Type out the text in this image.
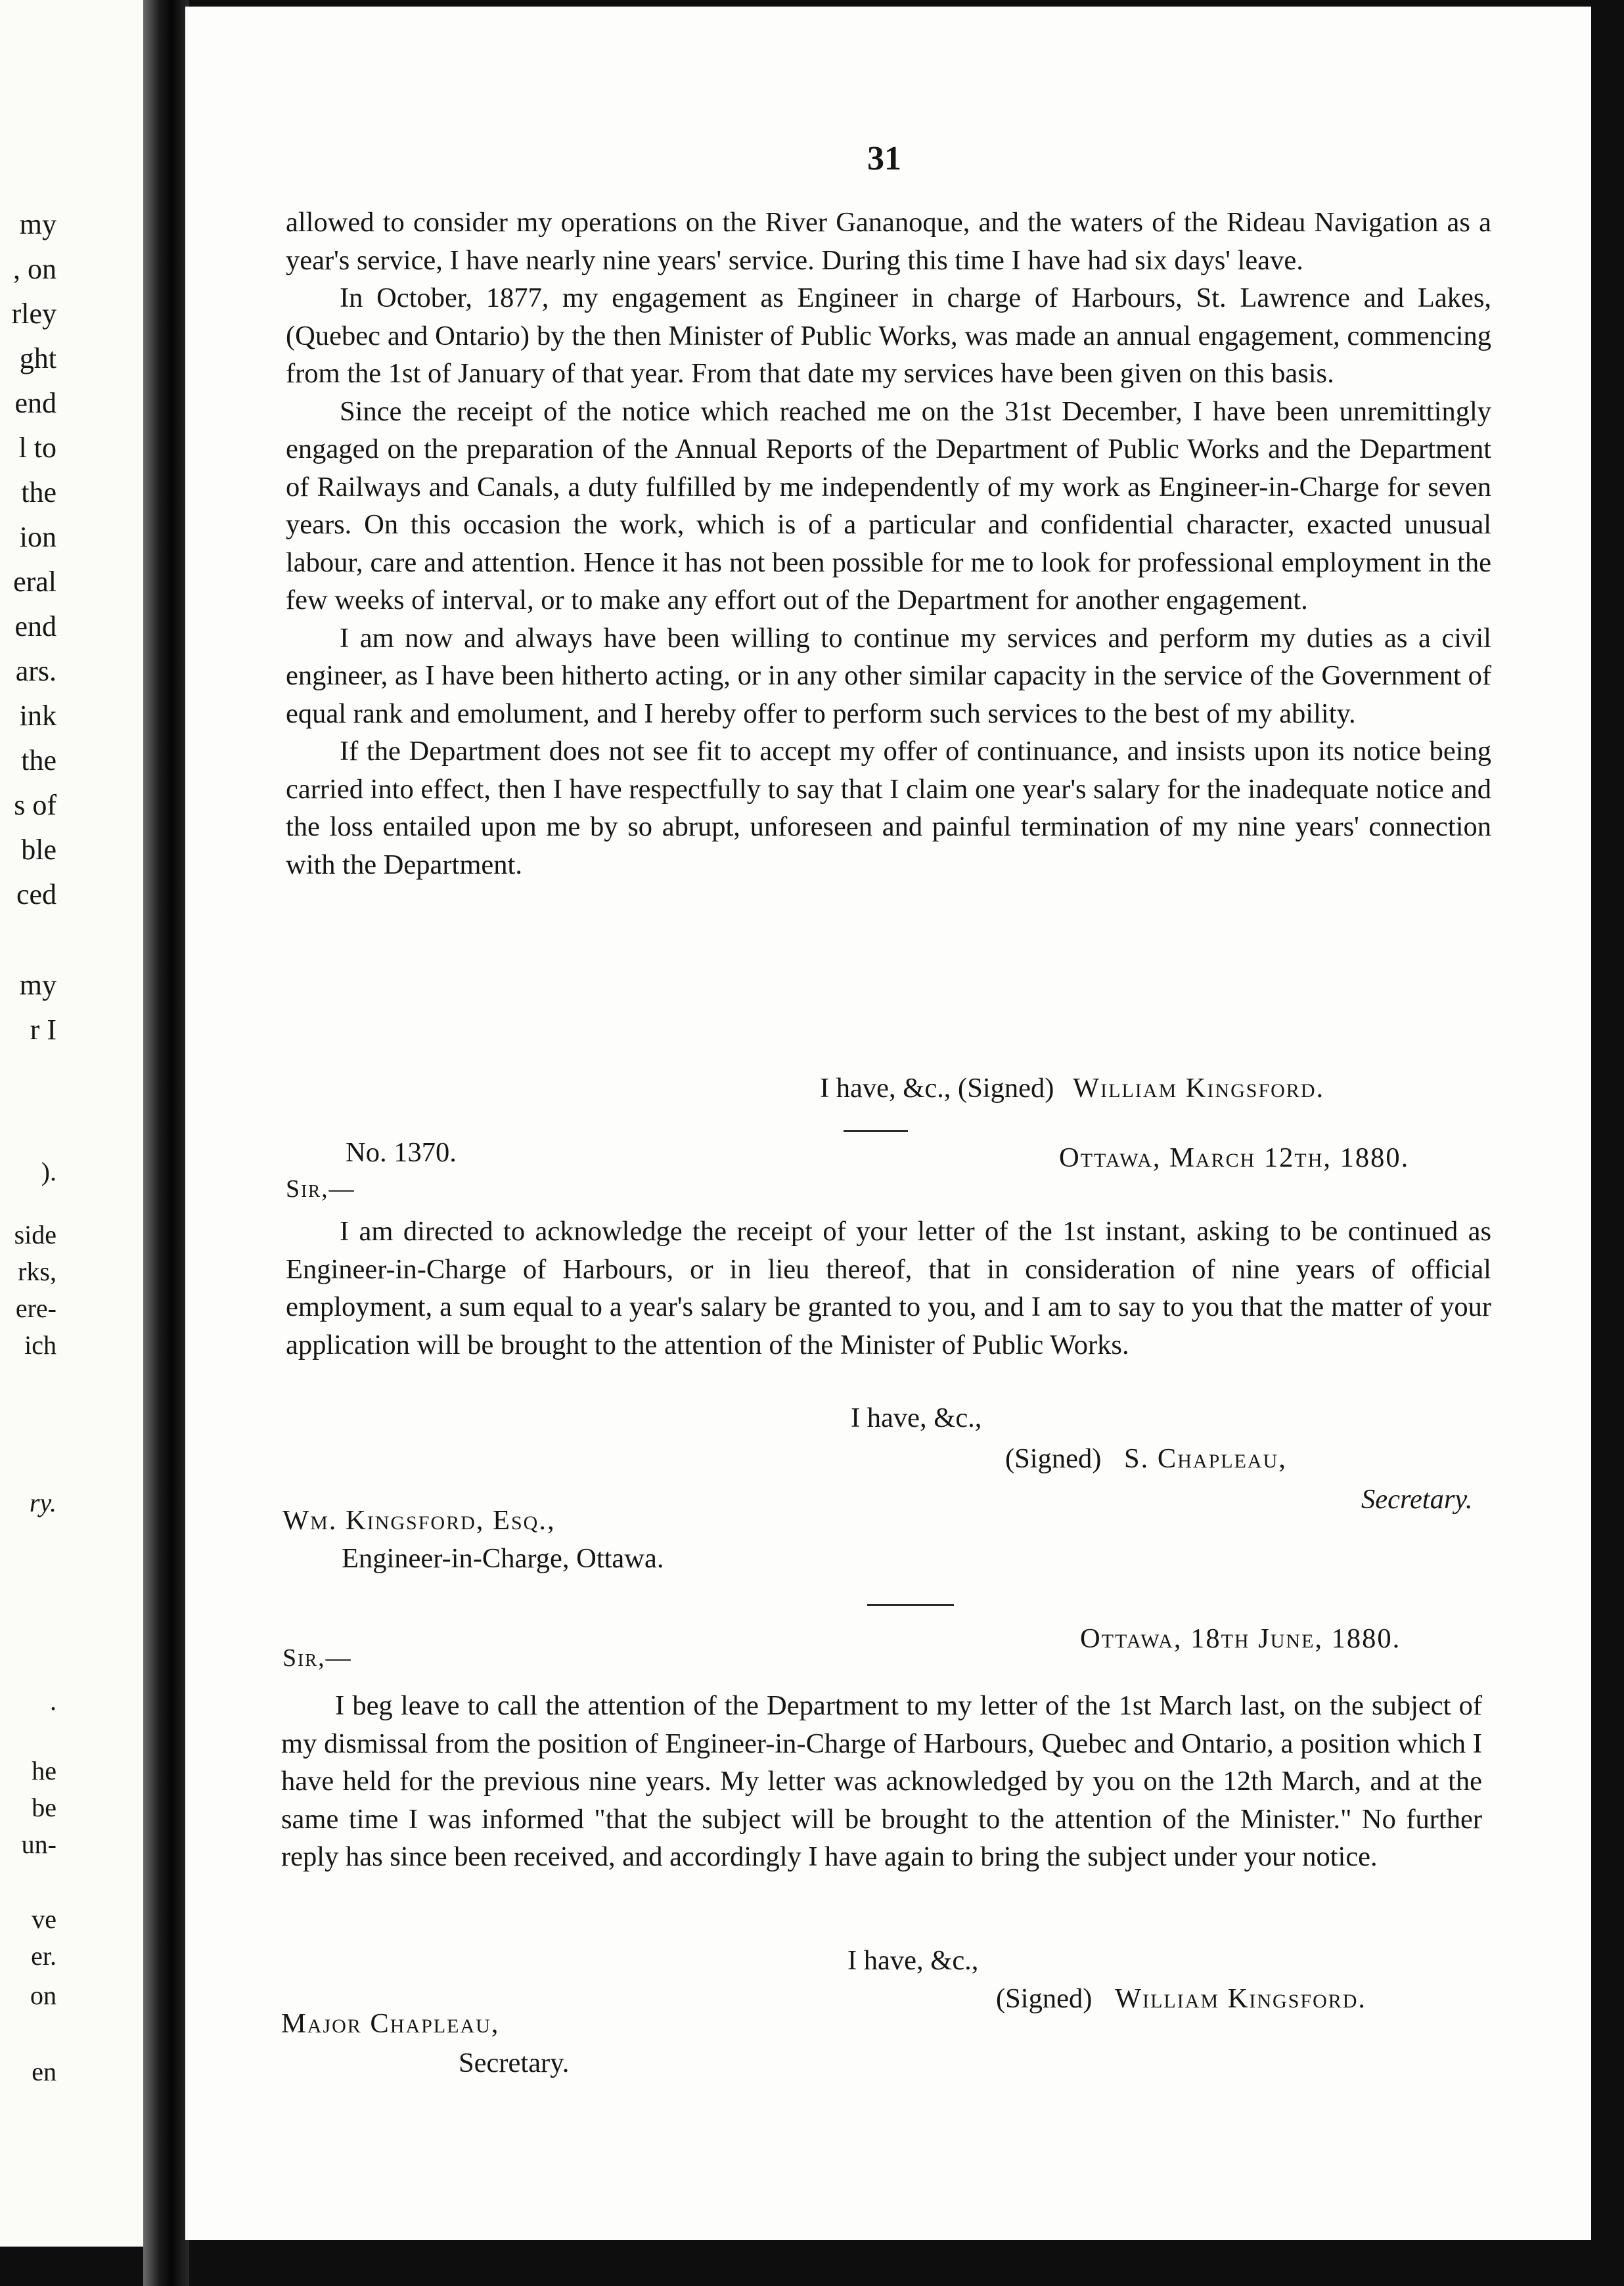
my
, on
rley
ght
end
l to
the
ion
eral
end
ars.
ink
the
s of
ble
ced
my
r I
).
side
rks,
ere-
ich
ry.
.
he
be
un-
ve
er.
on
en
31

allowed to consider my operations on the River Gananoque, and the waters of the Rideau Navigation as a year's service, I have nearly nine years' service. During this time I have had six days' leave.

In October, 1877, my engagement as Engineer in charge of Harbours, St. Lawrence and Lakes, (Quebec and Ontario) by the then Minister of Public Works, was made an annual engagement, commencing from the 1st of January of that year. From that date my services have been given on this basis.

Since the receipt of the notice which reached me on the 31st December, I have been unremittingly engaged on the preparation of the Annual Reports of the Department of Public Works and the Department of Railways and Canals, a duty fulfilled by me independently of my work as Engineer-in-Charge for seven years. On this occasion the work, which is of a particular and confidential character, exacted unusual labour, care and attention. Hence it has not been possible for me to look for professional employment in the few weeks of interval, or to make any effort out of the Department for another engagement.

I am now and always have been willing to continue my services and perform my duties as a civil engineer, as I have been hitherto acting, or in any other similar capacity in the service of the Government of equal rank and emolument, and I hereby offer to perform such services to the best of my ability.

If the Department does not see fit to accept my offer of continuance, and insists upon its notice being carried into effect, then I have respectfully to say that I claim one year's salary for the inadequate notice and the loss entailed upon me by so abrupt, unforeseen and painful termination of my nine years' connection with the Department.

I have, &c., (Signed) William Kingsford.
No. 1370.	Ottawa, March 12th, 1880.
Sir,—

I am directed to acknowledge the receipt of your letter of the 1st instant, asking to be continued as Engineer-in-Charge of Harbours, or in lieu thereof, that in consideration of nine years of official employment, a sum equal to a year's salary be granted to you, and I am to say to you that the matter of your application will be brought to the attention of the Minister of Public Works.

I have, &c.,
(Signed) S. Chapleau,
Secretary.
Wm. Kingsford, Esq.,
Engineer-in-Charge, Ottawa.
Ottawa, 18th June, 1880.
Sir,—

I beg leave to call the attention of the Department to my letter of the 1st March last, on the subject of my dismissal from the position of Engineer-in-Charge of Harbours, Quebec and Ontario, a position which I have held for the previous nine years. My letter was acknowledged by you on the 12th March, and at the same time I was informed "that the subject will be brought to the attention of the Minister." No further reply has since been received, and accordingly I have again to bring the subject under your notice.

I have, &c.,
(Signed) William Kingsford.
Major Chapleau,
Secretary.
